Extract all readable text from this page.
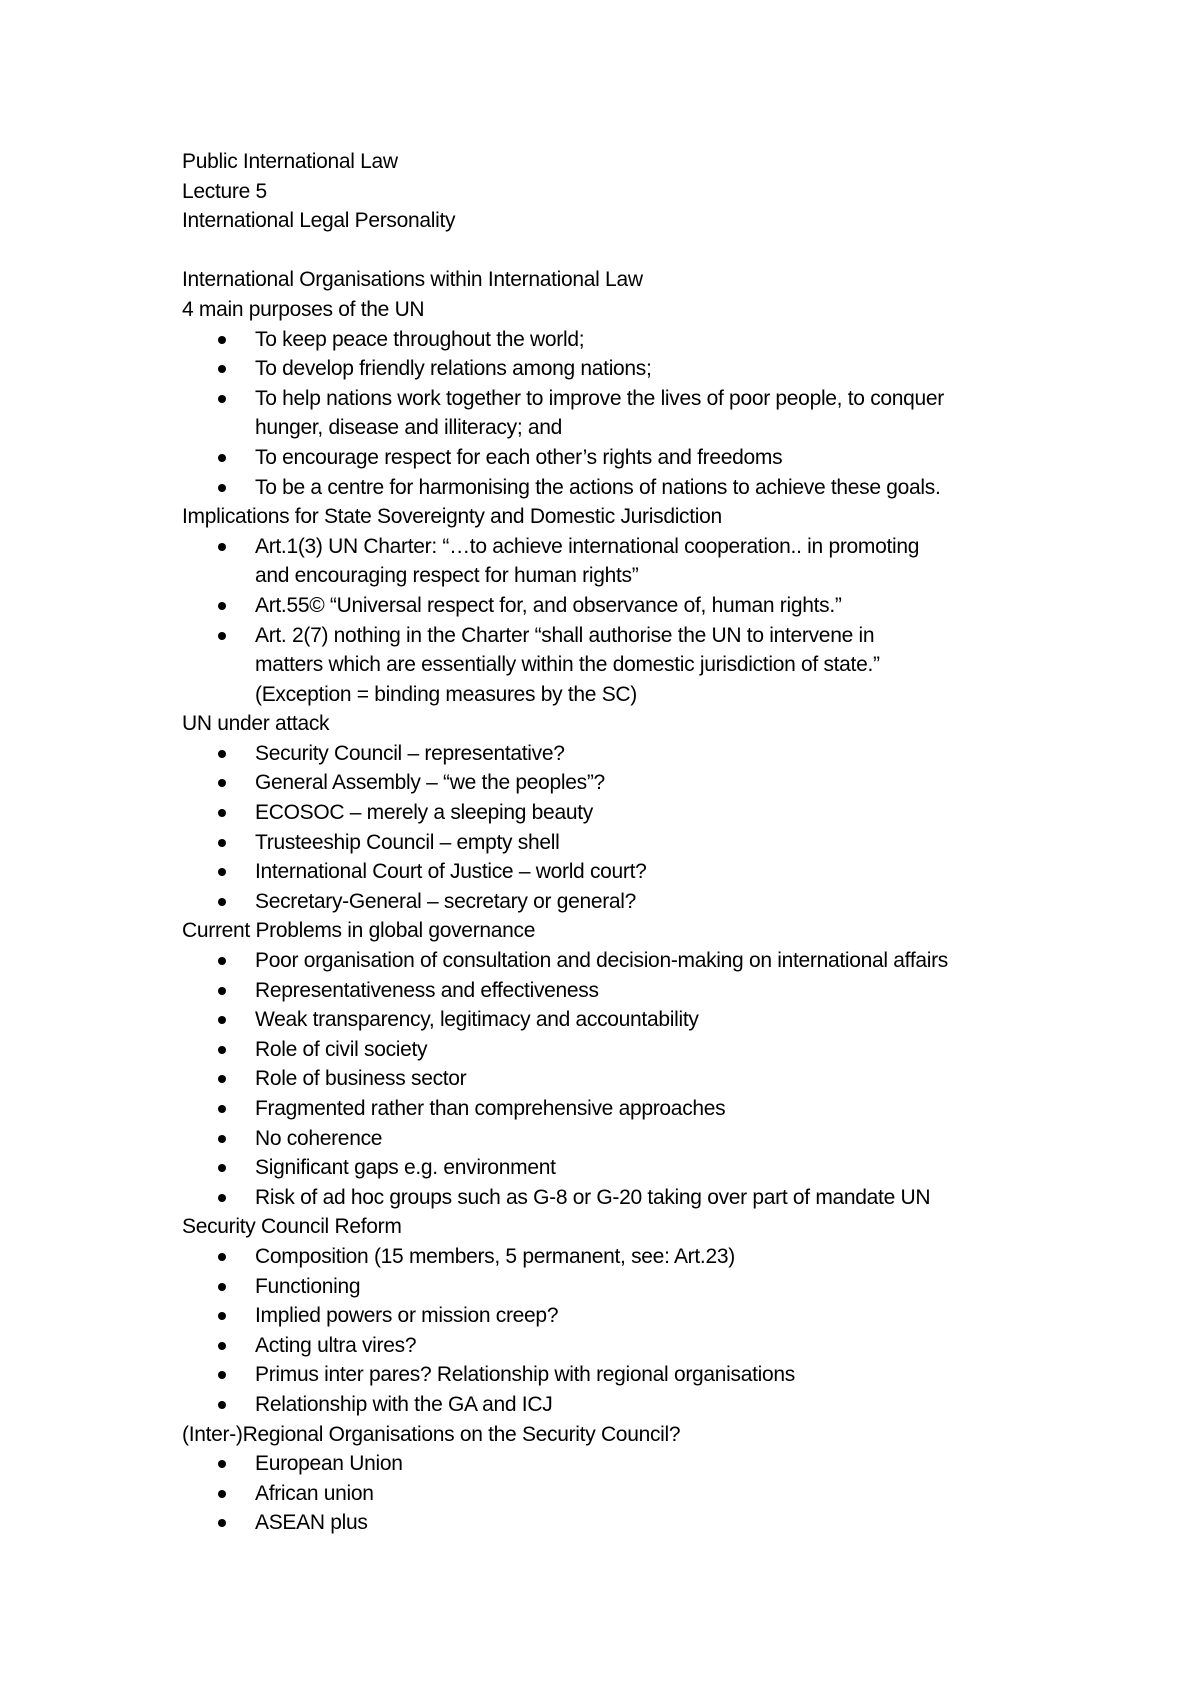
Public International Law
Lecture 5
International Legal Personality
International Organisations within International Law
4 main purposes of the UN
To keep peace throughout the world;
To develop friendly relations among nations;
To help nations work together to improve the lives of poor people, to conquer
hunger, disease and illiteracy; and
To encourage respect for each other’s rights and freedoms
To be a centre for harmonising the actions of nations to achieve these goals.
Implications for State Sovereignty and Domestic Jurisdiction
Art.1(3) UN Charter: “…to achieve international cooperation.. in promoting
and encouraging respect for human rights”
Art.55© “Universal respect for, and observance of, human rights.”
Art. 2(7) nothing in the Charter “shall authorise the UN to intervene in
matters which are essentially within the domestic jurisdiction of state.”
(Exception = binding measures by the SC)
UN under attack
Security Council – representative?
General Assembly – “we the peoples”?
ECOSOC – merely a sleeping beauty
Trusteeship Council – empty shell
International Court of Justice – world court?
Secretary-General – secretary or general?
Current Problems in global governance
Poor organisation of consultation and decision-making on international affairs
Representativeness and effectiveness
Weak transparency, legitimacy and accountability
Role of civil society
Role of business sector
Fragmented rather than comprehensive approaches
No coherence
Significant gaps e.g. environment
Risk of ad hoc groups such as G-8 or G-20 taking over part of mandate UN
Security Council Reform
Composition (15 members, 5 permanent, see: Art.23)
Functioning
Implied powers or mission creep?
Acting ultra vires?
Primus inter pares? Relationship with regional organisations
Relationship with the GA and ICJ
(Inter-)Regional Organisations on the Security Council?
European Union
African union
ASEAN plus
